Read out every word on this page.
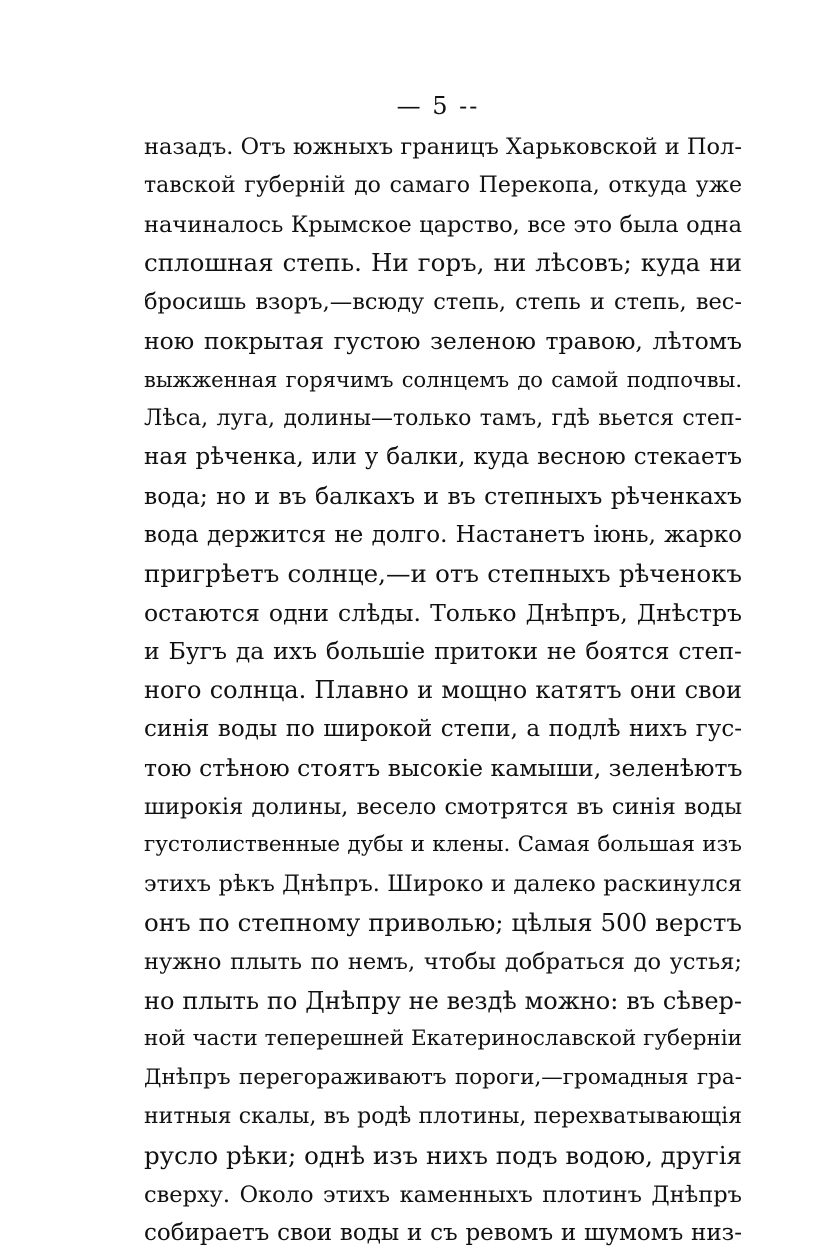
— 5 --
назадъ. Отъ южныхъ границъ Харьковской и Пол-
тавской губерній до самаго Перекопа, откуда уже
начиналось Крымское царство, все это была одна
сплошная степь. Ни горъ, ни лѣсовъ; куда ни
бросишь взоръ,—всюду степь, степь и степь, вес-
ною покрытая густою зеленою травою, лѣтомъ
выжженная горячимъ солнцемъ до самой подпочвы.
Лѣса, луга, долины—только тамъ, гдѣ вьется степ-
ная рѣченка, или у балки, куда весною стекаетъ
вода; но и въ балкахъ и въ степныхъ рѣченкахъ
вода держится не долго. Настанетъ іюнь, жарко
пригрѣетъ солнце,—и отъ степныхъ рѣченокъ
остаются одни слѣды. Только Днѣпръ, Днѣстръ
и Бугъ да ихъ большіе притоки не боятся степ-
ного солнца. Плавно и мощно катятъ они свои
синія воды по широкой степи, а подлѣ нихъ гус-
тою стѣною стоятъ высокіе камыши, зеленѣютъ
широкія долины, весело смотрятся въ синія воды
густолиственные дубы и клены. Самая большая изъ
этихъ рѣкъ Днѣпръ. Широко и далеко раскинулся
онъ по степному приволью; цѣлыя 500 верстъ
нужно плыть по немъ, чтобы добраться до устья;
но плыть по Днѣпру не вездѣ можно: въ сѣвер-
ной части теперешней Екатеринославской губерніи
Днѣпръ перегораживаютъ пороги,—громадныя гра-
нитныя скалы, въ родѣ плотины, перехватывающія
русло рѣки; однѣ изъ нихъ подъ водою, другія
сверху. Около этихъ каменныхъ плотинъ Днѣпръ
собираетъ свои воды и съ ревомъ и шумомъ низ-
